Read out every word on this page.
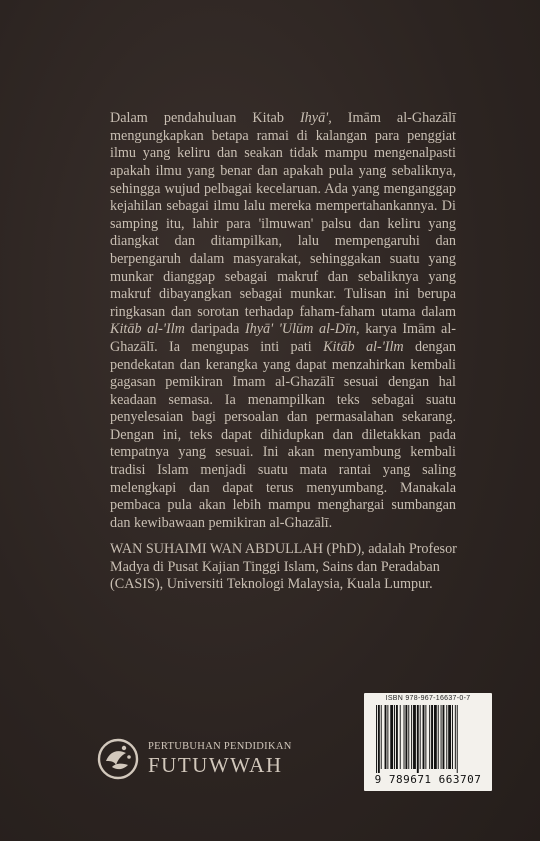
Dalam pendahuluan Kitab Ihyā', Imām al-Ghazālī mengungkapkan betapa ramai di kalangan para penggiat ilmu yang keliru dan seakan tidak mampu mengenalpasti apakah ilmu yang benar dan apakah pula yang sebaliknya, sehingga wujud pelbagai kecelaruan. Ada yang menganggap kejahilan sebagai ilmu lalu mereka mempertahankannya. Di samping itu, lahir para 'ilmuwan' palsu dan keliru yang diangkat dan ditampilkan, lalu mempengaruhi dan berpengaruh dalam masyarakat, sehinggakan suatu yang munkar dianggap sebagai makruf dan sebaliknya yang makruf dibayangkan sebagai munkar. Tulisan ini berupa ringkasan dan sorotan terhadap faham-faham utama dalam Kitāb al-'Ilm daripada Ihyā' 'Ulūm al-Dīn, karya Imām al-Ghazālī. Ia mengupas inti pati Kitāb al-'Ilm dengan pendekatan dan kerangka yang dapat menzahirkan kembali gagasan pemikiran Imam al-Ghazālī sesuai dengan hal keadaan semasa. Ia menampilkan teks sebagai suatu penyelesaian bagi persoalan dan permasalahan sekarang. Dengan ini, teks dapat dihidupkan dan diletakkan pada tempatnya yang sesuai. Ini akan menyambung kembali tradisi Islam menjadi suatu mata rantai yang saling melengkapi dan dapat terus menyumbang. Manakala pembaca pula akan lebih mampu menghargai sumbangan dan kewibawaan pemikiran al-Ghazālī.

WAN SUHAIMI WAN ABDULLAH (PhD), adalah Profesor Madya di Pusat Kajian Tinggi Islam, Sains dan Peradaban (CASIS), Universiti Teknologi Malaysia, Kuala Lumpur.

PERTUBUHAN PENDIDIKAN
FUTUWWAH
ISBN 978-967-16637-0-7
9 789671 663707
